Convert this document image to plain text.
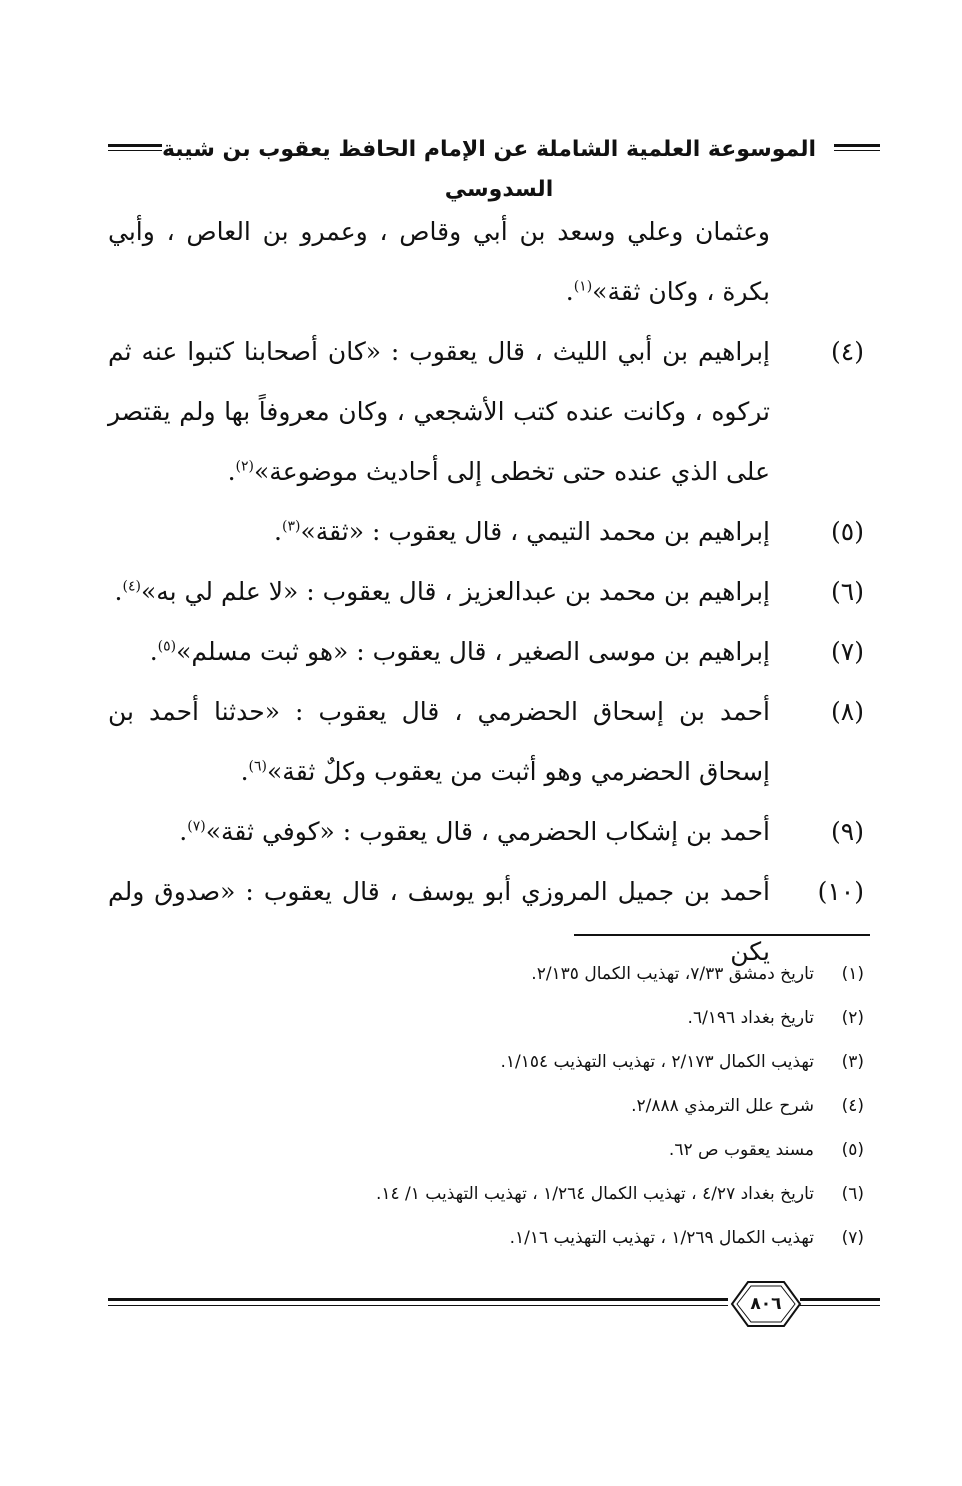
الموسوعة العلمية الشاملة عن الإمام الحافظ يعقوب بن شيبة السدوسي
وعثمان وعلي وسعد بن أبي وقاص ، وعمرو بن العاص ، وأبي بكرة ، وكان ثقة»$^{(١)}$.
(٤)
إبراهيم بن أبي الليث ، قال يعقوب : «كان أصحابنا كتبوا عنه ثم تركوه ، وكانت عنده كتب الأشجعي ، وكان معروفاً بها ولم يقتصر على الذي عنده حتى تخطى إلى أحاديث موضوعة»$^{(٢)}$.
(٥)
إبراهيم بن محمد التيمي ، قال يعقوب : «ثقة»$^{(٣)}$.
(٦)
إبراهيم بن محمد بن عبدالعزيز ، قال يعقوب : «لا علم لي به»$^{(٤)}$.
(٧)
إبراهيم بن موسى الصغير ، قال يعقوب : «هو ثبت مسلم»$^{(٥)}$.
(٨)
أحمد بن إسحاق الحضرمي ، قال يعقوب : «حدثنا أحمد بن إسحاق الحضرمي وهو أثبت من يعقوب وكلٌ ثقة»$^{(٦)}$.
(٩)
أحمد بن إشكاب الحضرمي ، قال يعقوب : «كوفي ثقة»$^{(٧)}$.
(١٠)
أحمد بن جميل المروزي أبو يوسف ، قال يعقوب : «صدوق ولم يكن
(١)
تاريخ دمشق ٧/٣٣، تهذيب الكمال ٢/١٣٥.
(٢)
تاريخ بغداد ٦/١٩٦.
(٣)
تهذيب الكمال ٢/١٧٣ ، تهذيب التهذيب ١/١٥٤.
(٤)
شرح علل الترمذي ٢/٨٨٨.
(٥)
مسند يعقوب ص ٦٢.
(٦)
تاريخ بغداد ٤/٢٧ ، تهذيب الكمال ١/٢٦٤ ، تهذيب التهذيب ١/ ١٤.
(٧)
تهذيب الكمال ١/٢٦٩ ، تهذيب التهذيب ١/١٦.
٨٠٦
